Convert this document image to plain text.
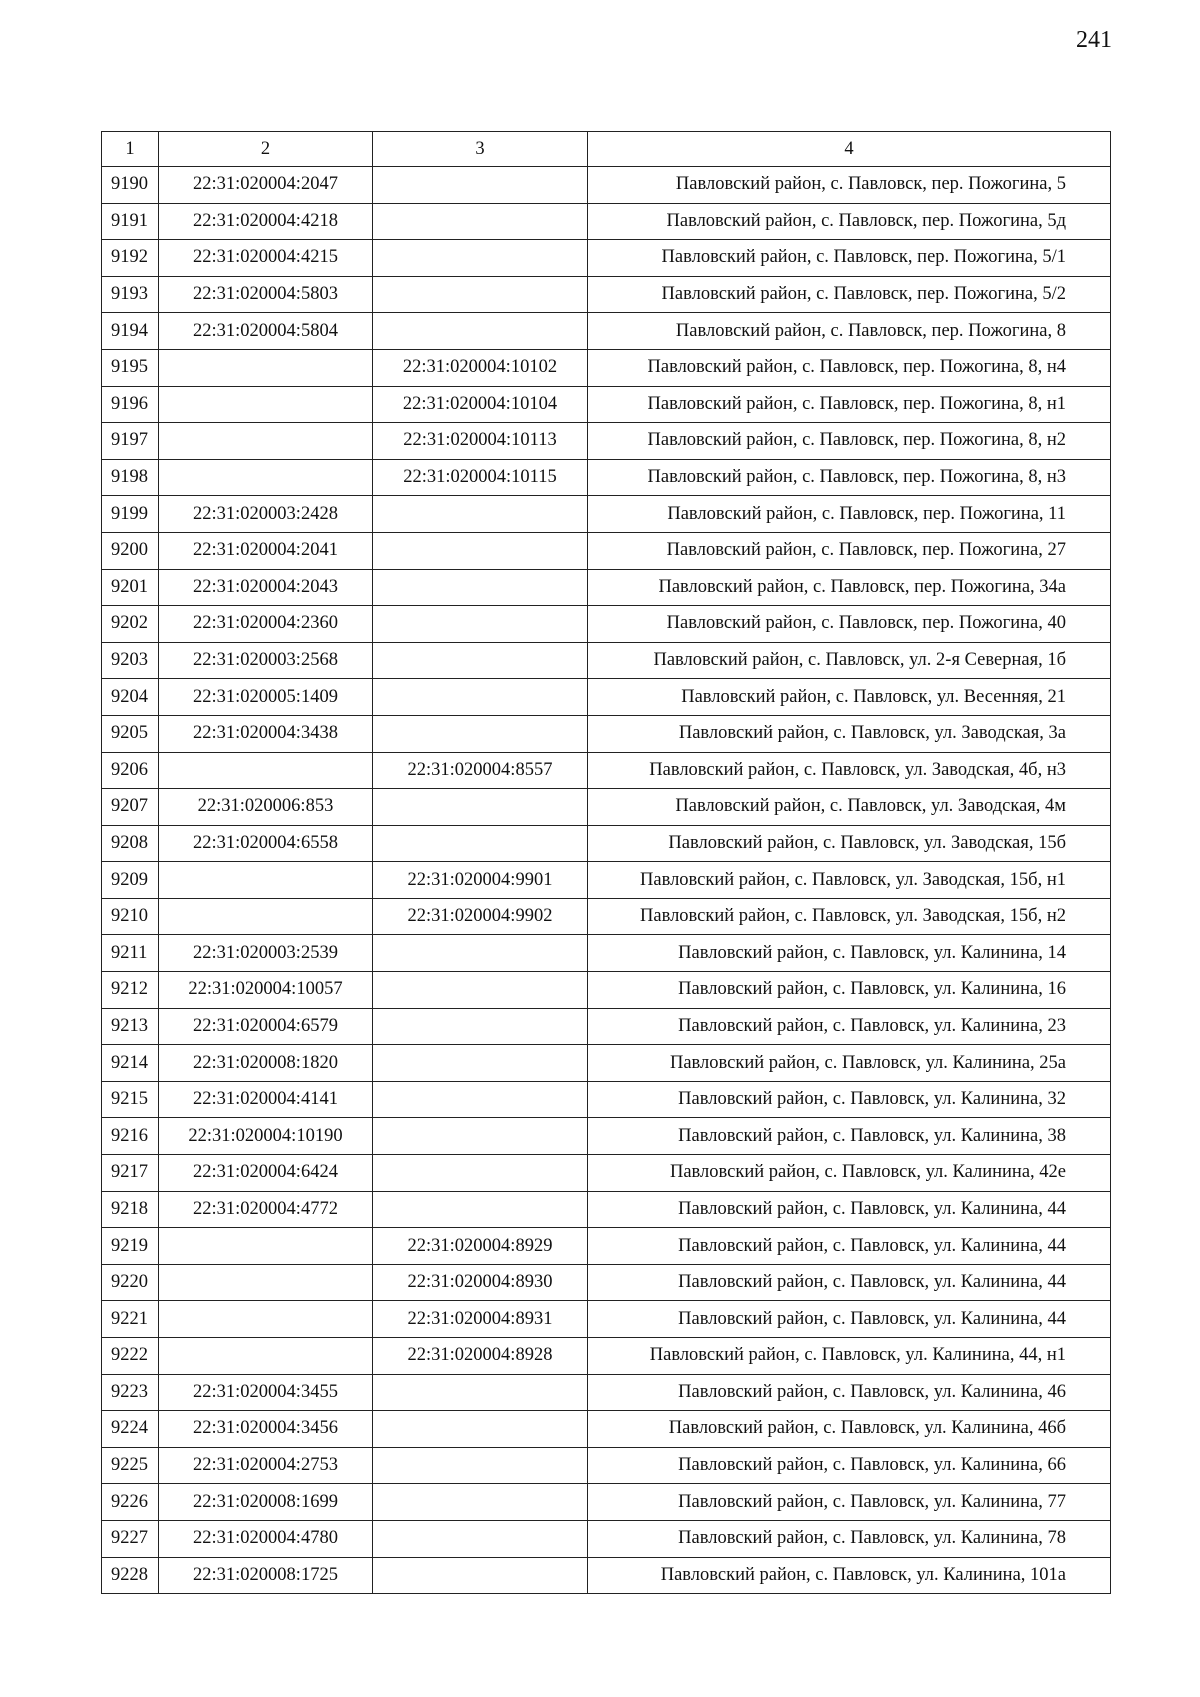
241
1	2	3	4
9190	22:31:020004:2047		Павловский район, с. Павловск, пер. Пожогина, 5
9191	22:31:020004:4218		Павловский район, с. Павловск, пер. Пожогина, 5д
9192	22:31:020004:4215		Павловский район, с. Павловск, пер. Пожогина, 5/1
9193	22:31:020004:5803		Павловский район, с. Павловск, пер. Пожогина, 5/2
9194	22:31:020004:5804		Павловский район, с. Павловск, пер. Пожогина, 8
9195		22:31:020004:10102	Павловский район, с. Павловск, пер. Пожогина, 8, н4
9196		22:31:020004:10104	Павловский район, с. Павловск, пер. Пожогина, 8, н1
9197		22:31:020004:10113	Павловский район, с. Павловск, пер. Пожогина, 8, н2
9198		22:31:020004:10115	Павловский район, с. Павловск, пер. Пожогина, 8, н3
9199	22:31:020003:2428		Павловский район, с. Павловск, пер. Пожогина, 11
9200	22:31:020004:2041		Павловский район, с. Павловск, пер. Пожогина, 27
9201	22:31:020004:2043		Павловский район, с. Павловск, пер. Пожогина, 34а
9202	22:31:020004:2360		Павловский район, с. Павловск, пер. Пожогина, 40
9203	22:31:020003:2568		Павловский район, с. Павловск, ул. 2-я Северная, 1б
9204	22:31:020005:1409		Павловский район, с. Павловск, ул. Весенняя, 21
9205	22:31:020004:3438		Павловский район, с. Павловск, ул. Заводская, 3а
9206		22:31:020004:8557	Павловский район, с. Павловск, ул. Заводская, 4б, н3
9207	22:31:020006:853		Павловский район, с. Павловск, ул. Заводская, 4м
9208	22:31:020004:6558		Павловский район, с. Павловск, ул. Заводская, 15б
9209		22:31:020004:9901	Павловский район, с. Павловск, ул. Заводская, 15б, н1
9210		22:31:020004:9902	Павловский район, с. Павловск, ул. Заводская, 15б, н2
9211	22:31:020003:2539		Павловский район, с. Павловск, ул. Калинина, 14
9212	22:31:020004:10057		Павловский район, с. Павловск, ул. Калинина, 16
9213	22:31:020004:6579		Павловский район, с. Павловск, ул. Калинина, 23
9214	22:31:020008:1820		Павловский район, с. Павловск, ул. Калинина, 25а
9215	22:31:020004:4141		Павловский район, с. Павловск, ул. Калинина, 32
9216	22:31:020004:10190		Павловский район, с. Павловск, ул. Калинина, 38
9217	22:31:020004:6424		Павловский район, с. Павловск, ул. Калинина, 42е
9218	22:31:020004:4772		Павловский район, с. Павловск, ул. Калинина, 44
9219		22:31:020004:8929	Павловский район, с. Павловск, ул. Калинина, 44
9220		22:31:020004:8930	Павловский район, с. Павловск, ул. Калинина, 44
9221		22:31:020004:8931	Павловский район, с. Павловск, ул. Калинина, 44
9222		22:31:020004:8928	Павловский район, с. Павловск, ул. Калинина, 44, н1
9223	22:31:020004:3455		Павловский район, с. Павловск, ул. Калинина, 46
9224	22:31:020004:3456		Павловский район, с. Павловск, ул. Калинина, 46б
9225	22:31:020004:2753		Павловский район, с. Павловск, ул. Калинина, 66
9226	22:31:020008:1699		Павловский район, с. Павловск, ул. Калинина, 77
9227	22:31:020004:4780		Павловский район, с. Павловск, ул. Калинина, 78
9228	22:31:020008:1725		Павловский район, с. Павловск, ул. Калинина, 101а
